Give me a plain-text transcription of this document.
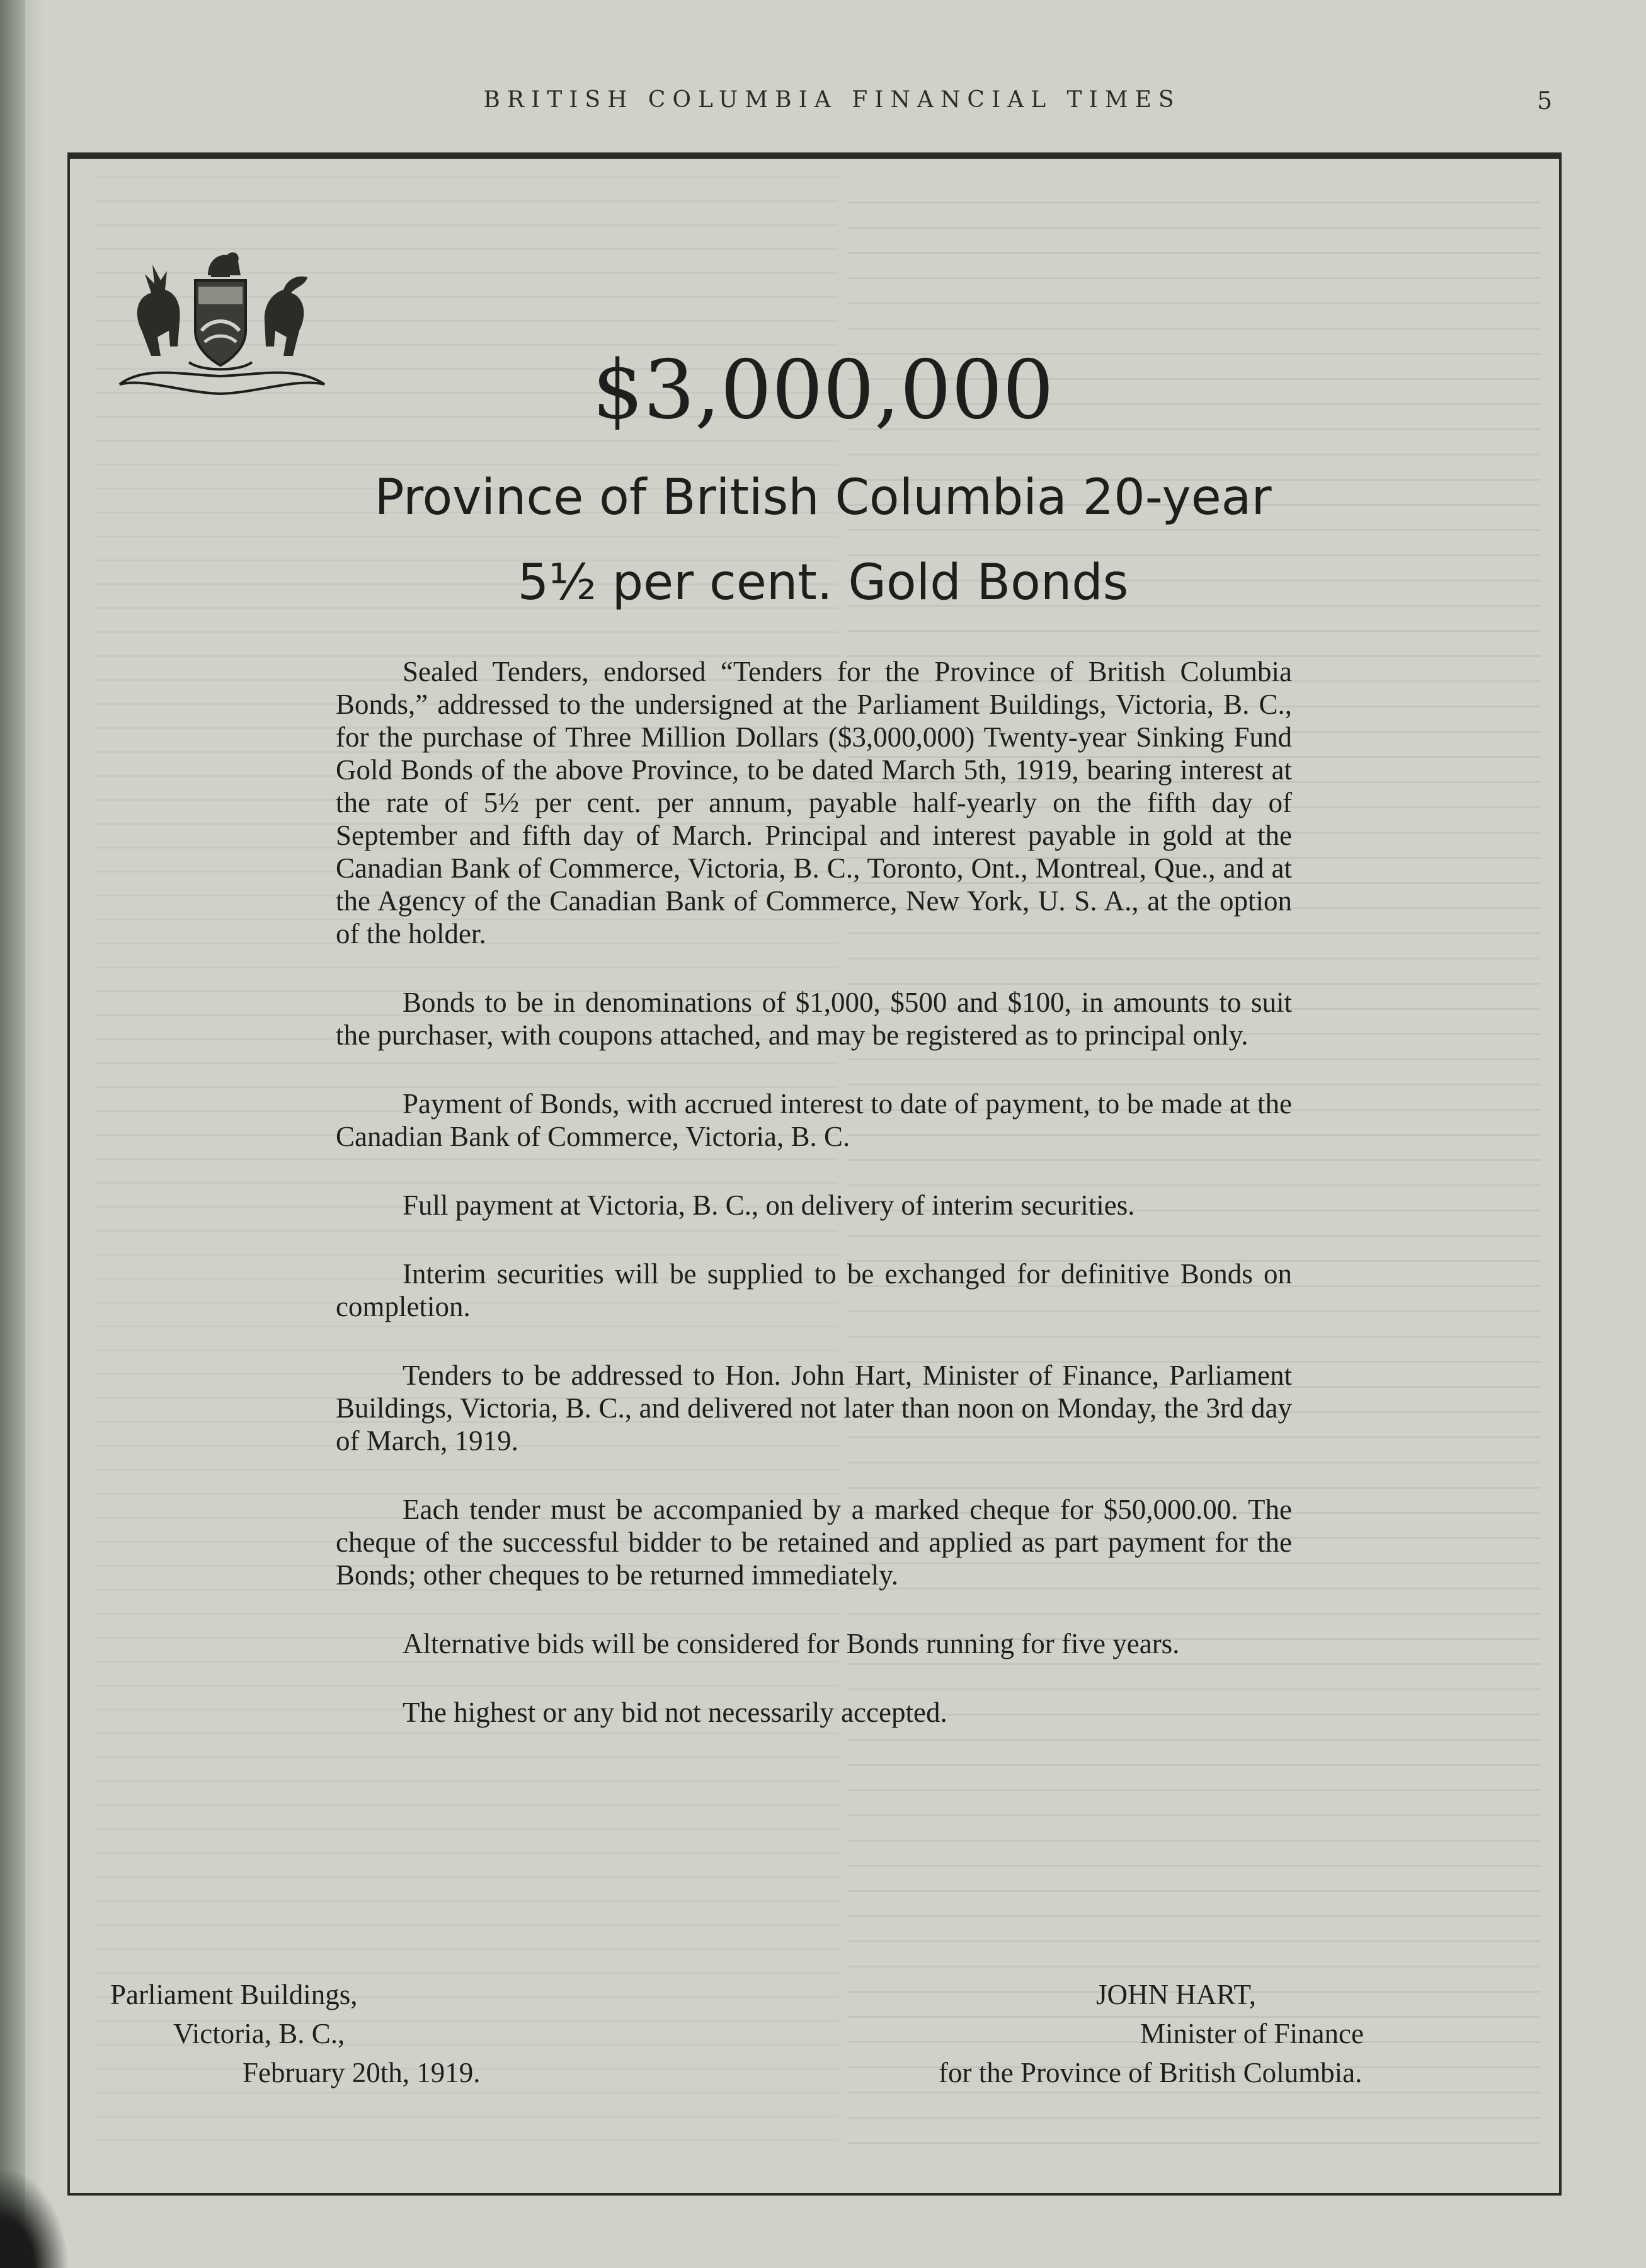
BRITISH COLUMBIA FINANCIAL TIMES	5
$3,000,000
Province of British Columbia 20-year
5½ per cent. Gold Bonds

Sealed Tenders, endorsed “Tenders for the Province of British Columbia Bonds,” addressed to the undersigned at the Parliament Buildings, Victoria, B. C., for the purchase of Three Million Dollars ($3,000,000) Twenty-year Sinking Fund Gold Bonds of the above Province, to be dated March 5th, 1919, bearing interest at the rate of 5½ per cent. per annum, payable half-yearly on the fifth day of September and fifth day of March. Principal and interest payable in gold at the Canadian Bank of Commerce, Victoria, B. C., Toronto, Ont., Montreal, Que., and at the Agency of the Canadian Bank of Commerce, New York, U. S. A., at the option of the holder.

Bonds to be in denominations of $1,000, $500 and $100, in amounts to suit the purchaser, with coupons attached, and may be registered as to principal only.

Payment of Bonds, with accrued interest to date of payment, to be made at the Canadian Bank of Commerce, Victoria, B. C.

Full payment at Victoria, B. C., on delivery of interim securities.

Interim securities will be supplied to be exchanged for definitive Bonds on completion.

Tenders to be addressed to Hon. John Hart, Minister of Finance, Parliament Buildings, Victoria, B. C., and delivered not later than noon on Monday, the 3rd day of March, 1919.

Each tender must be accompanied by a marked cheque for $50,000.00. The cheque of the successful bidder to be retained and applied as part payment for the Bonds; other cheques to be returned immediately.

Alternative bids will be considered for Bonds running for five years.

The highest or any bid not necessarily accepted.

Parliament Buildings,
Victoria, B. C.,
February 20th, 1919.
JOHN HART,
Minister of Finance
for the Province of British Columbia.
